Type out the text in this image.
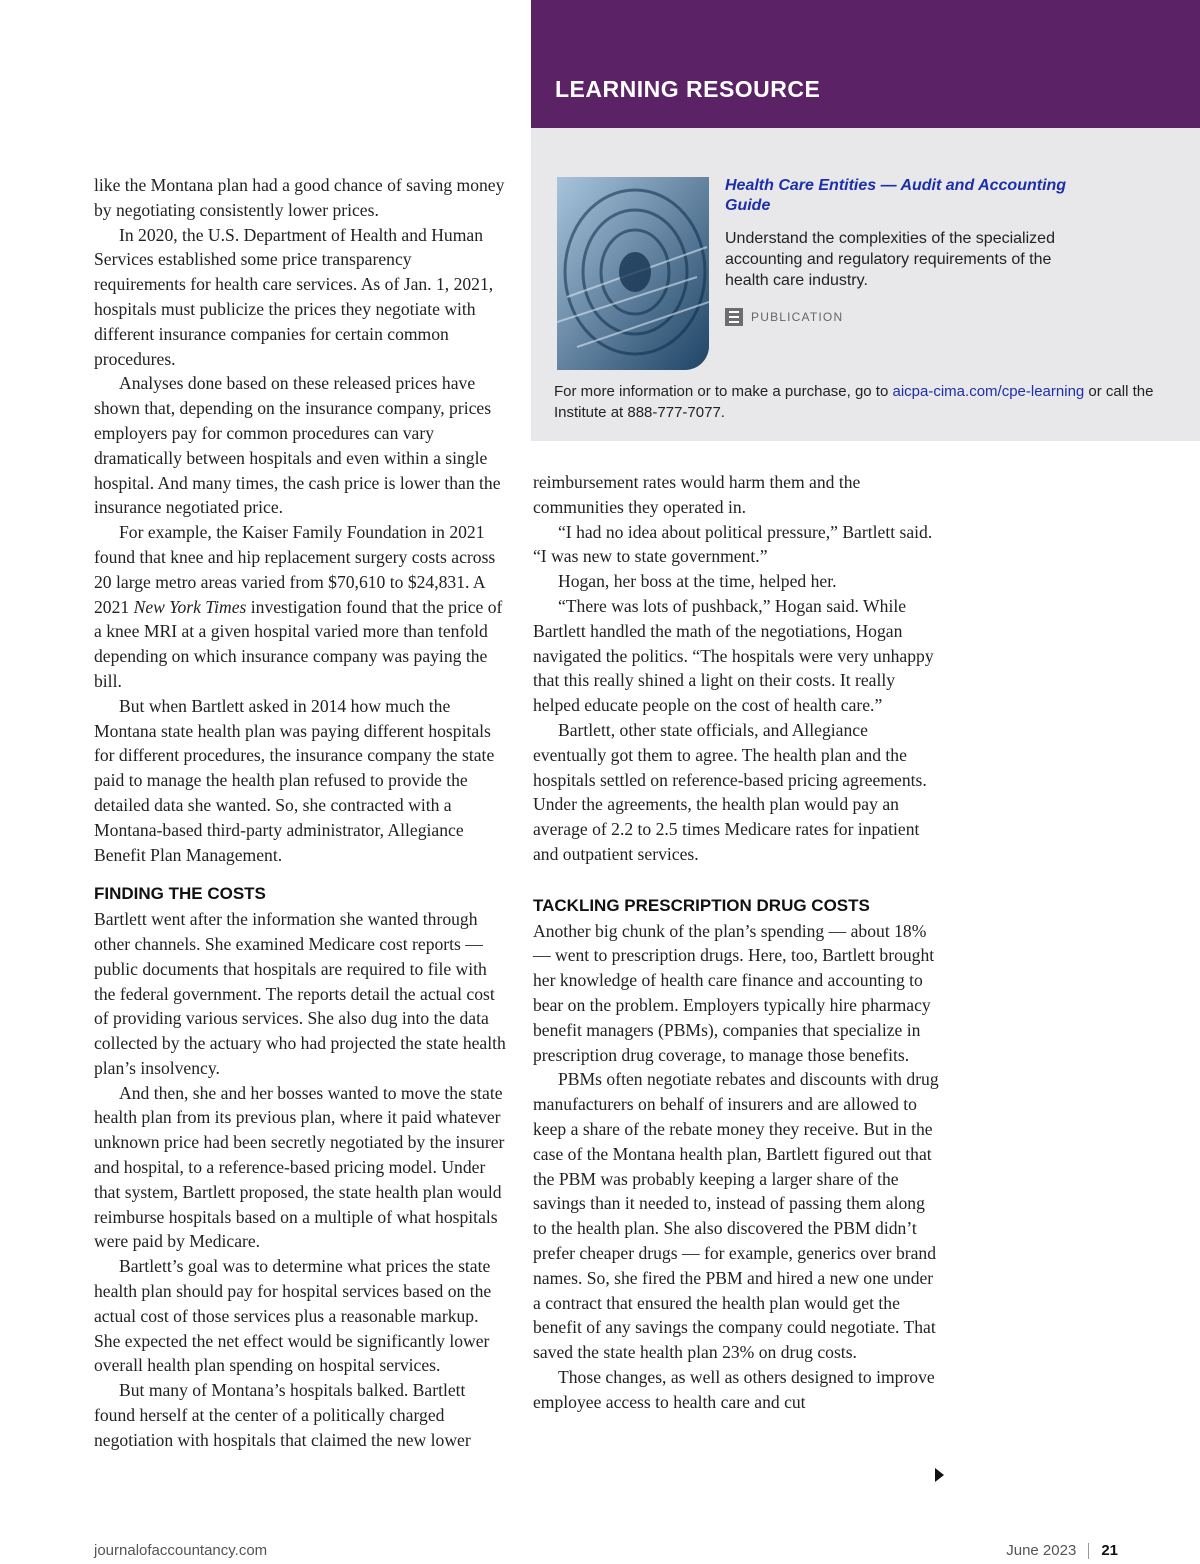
LEARNING RESOURCE

Health Care Entities — Audit and Accounting Guide

Understand the complexities of the specialized accounting and regulatory requirements of the health care industry.

PUBLICATION

For more information or to make a purchase, go to aicpa-cima.com/cpe-learning or call the Institute at 888-777-7077.

like the Montana plan had a good chance of saving money by negotiating consistently lower prices.

In 2020, the U.S. Department of Health and Human Services established some price transparency requirements for health care services. As of Jan. 1, 2021, hospitals must publicize the prices they negotiate with different insurance companies for certain common procedures.

Analyses done based on these released prices have shown that, depending on the insurance company, prices employers pay for common procedures can vary dramatically between hospitals and even within a single hospital. And many times, the cash price is lower than the insurance negotiated price.

For example, the Kaiser Family Foundation in 2021 found that knee and hip replacement surgery costs across 20 large metro areas varied from $70,610 to $24,831. A 2021 New York Times investigation found that the price of a knee MRI at a given hospital varied more than tenfold depending on which insurance company was paying the bill.

But when Bartlett asked in 2014 how much the Montana state health plan was paying different hospitals for different procedures, the insurance company the state paid to manage the health plan refused to provide the detailed data she wanted. So, she contracted with a Montana-based third-party administrator, Allegiance Benefit Plan Management.

FINDING THE COSTS

Bartlett went after the information she wanted through other channels. She examined Medicare cost reports — public documents that hospitals are required to file with the federal government. The reports detail the actual cost of providing various services. She also dug into the data collected by the actuary who had projected the state health plan’s insolvency.

And then, she and her bosses wanted to move the state health plan from its previous plan, where it paid whatever unknown price had been secretly negotiated by the insurer and hospital, to a reference-based pricing model. Under that system, Bartlett proposed, the state health plan would reimburse hospitals based on a multiple of what hospitals were paid by Medicare.

Bartlett’s goal was to determine what prices the state health plan should pay for hospital services based on the actual cost of those services plus a reasonable markup. She expected the net effect would be significantly lower overall health plan spending on hospital services.

But many of Montana’s hospitals balked. Bartlett found herself at the center of a politically charged negotiation with hospitals that claimed the new lower

reimbursement rates would harm them and the communities they operated in.

“I had no idea about political pressure,” Bartlett said. “I was new to state government.”

Hogan, her boss at the time, helped her.

“There was lots of pushback,” Hogan said. While Bartlett handled the math of the negotiations, Hogan navigated the politics. “The hospitals were very unhappy that this really shined a light on their costs. It really helped educate people on the cost of health care.”

Bartlett, other state officials, and Allegiance eventually got them to agree. The health plan and the hospitals settled on reference-based pricing agreements. Under the agreements, the health plan would pay an average of 2.2 to 2.5 times Medicare rates for inpatient and outpatient services.

TACKLING PRESCRIPTION DRUG COSTS

Another big chunk of the plan’s spending — about 18% — went to prescription drugs. Here, too, Bartlett brought her knowledge of health care finance and accounting to bear on the problem. Employers typically hire pharmacy benefit managers (PBMs), companies that specialize in prescription drug coverage, to manage those benefits.

PBMs often negotiate rebates and discounts with drug manufacturers on behalf of insurers and are allowed to keep a share of the rebate money they receive. But in the case of the Montana health plan, Bartlett figured out that the PBM was probably keeping a larger share of the savings than it needed to, instead of passing them along to the health plan. She also discovered the PBM didn’t prefer cheaper drugs — for example, generics over brand names. So, she fired the PBM and hired a new one under a contract that ensured the health plan would get the benefit of any savings the company could negotiate. That saved the state health plan 23% on drug costs.

Those changes, as well as others designed to improve employee access to health care and cut

journalofaccountancy.com	June 2023 21
